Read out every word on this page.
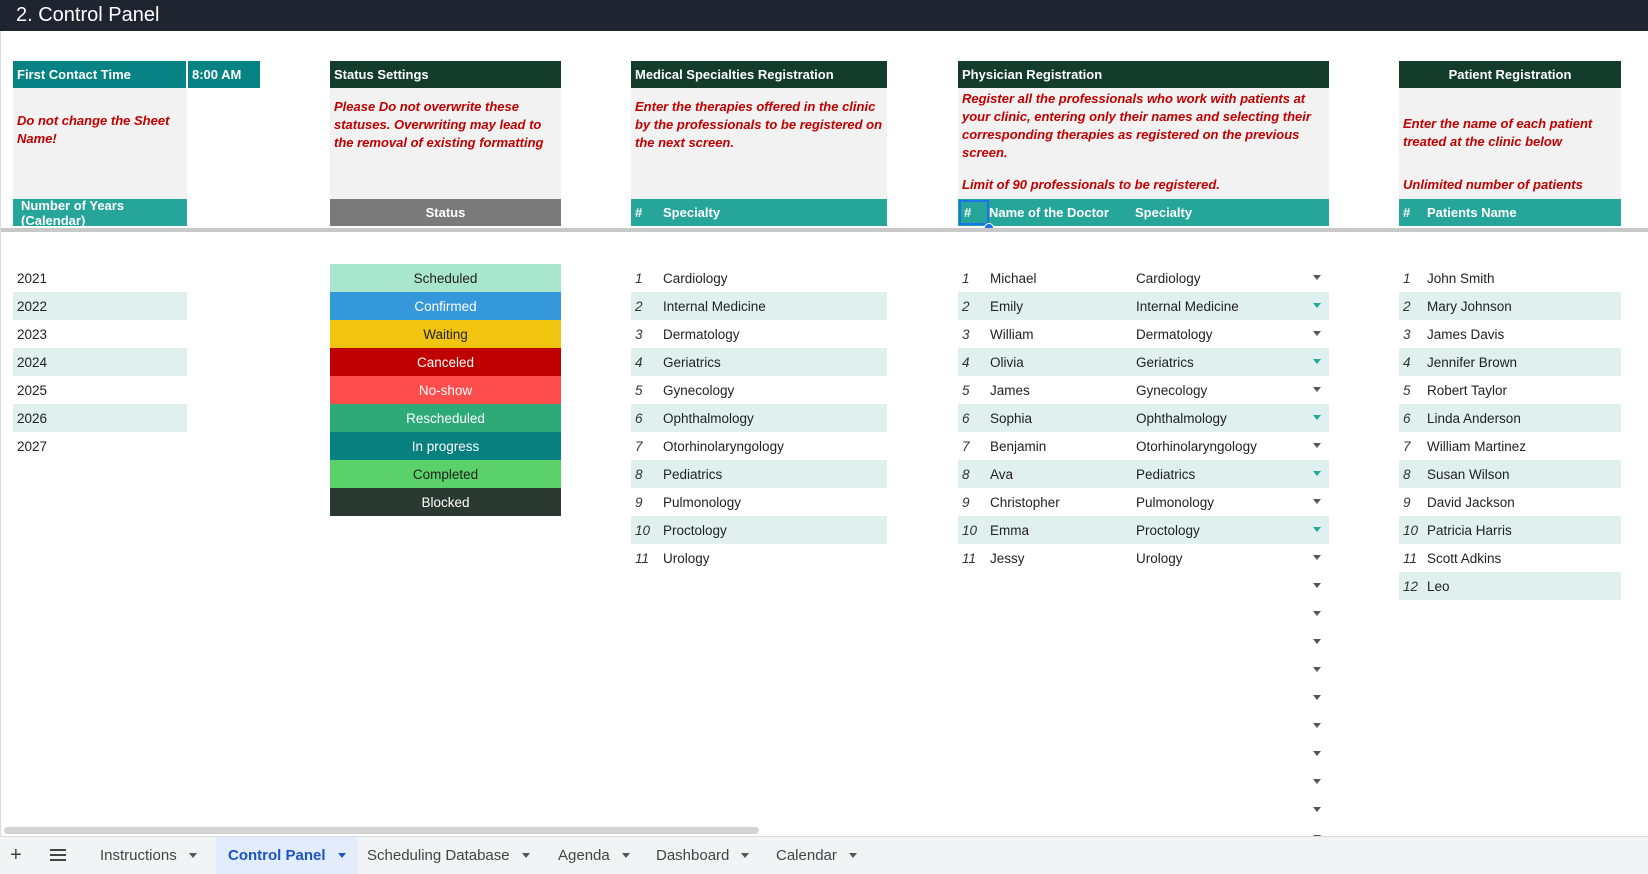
2. Control Panel
First Contact Time	8:00 AM
Do not change the Sheet Name!
Number of Years (Calendar)
2021
2022
2023
2024
2025
2026
2027
Status Settings
Please Do not overwrite these statuses. Overwriting may lead to the removal of existing formatting
Status
Scheduled
Confirmed
Waiting
Canceled
No-show
Rescheduled
In progress
Completed
Blocked
Medical Specialties Registration
Enter the therapies offered in the clinic by the professionals to be registered on the next screen.
#	Specialty
1	Cardiology
2	Internal Medicine
3	Dermatology
4	Geriatrics
5	Gynecology
6	Ophthalmology
7	Otorhinolaryngology
8	Pediatrics
9	Pulmonology
10 Proctology
11	Urology
Physician Registration
Register all the professionals who work with patients at your clinic, entering only their names and selecting their corresponding therapies as registered on the previous screen.
Limit of 90 professionals to be registered.
#	Name of the Doctor	Specialty
1	Michael	Cardiology
2	Emily	Internal Medicine
3	William	Dermatology
4	Olivia	Geriatrics
5	James	Gynecology
6	Sophia	Ophthalmology
7	Benjamin	Otorhinolaryngology
8	Ava	Pediatrics
9	Christopher	Pulmonology
10 Emma	Proctology
11	Jessy	Urology
Patient Registration
Enter the name of each patient treated at the clinic below
Unlimited number of patients
#	Patients Name
1	John Smith
2	Mary Johnson
3	James Davis
4	Jennifer Brown
5	Robert Taylor
6	Linda Anderson
7	William Martinez
8	Susan Wilson
9	David Jackson
10 Patricia Harris
11 Scott Adkins
12 Leo
+	Instructions	Control Panel	Scheduling Database	Agenda	Dashboard	Calendar
